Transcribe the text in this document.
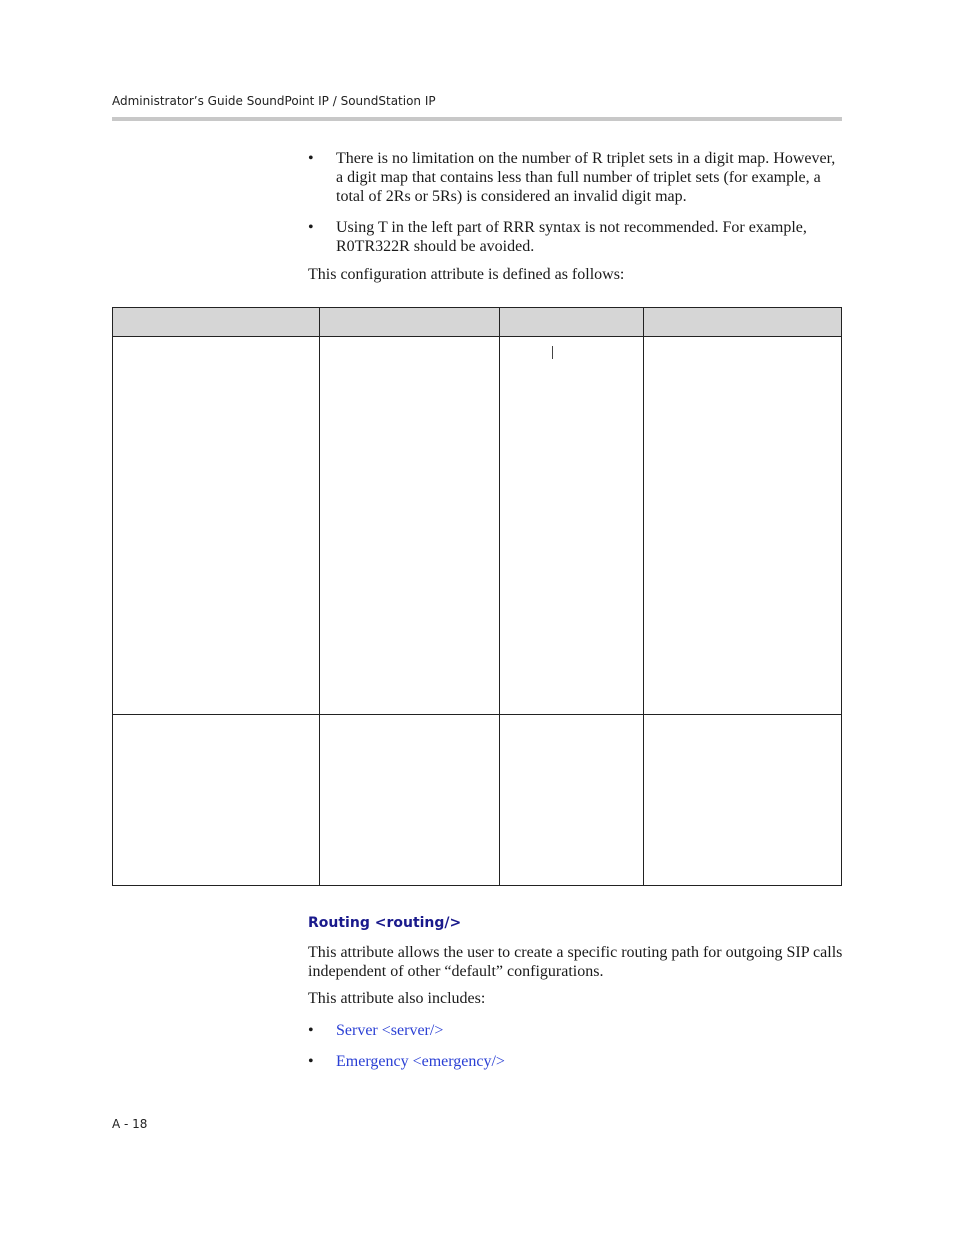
Administrator’s Guide SoundPoint IP / SoundStation IP
• There is no limitation on the number of R triplet sets in a digit map. However, a digit map that contains less than full number of triplet sets (for example, a total of 2Rs or 5Rs) is considered an invalid digit map.
• Using T in the left part of RRR syntax is not recommended. For example, R0TR322R should be avoided.

This configuration attribute is defined as follows:

Routing <routing/>

This attribute allows the user to create a specific routing path for outgoing SIP calls independent of other “default” configurations.

This attribute also includes:

• Server <server/>
• Emergency <emergency/>
A - 18
